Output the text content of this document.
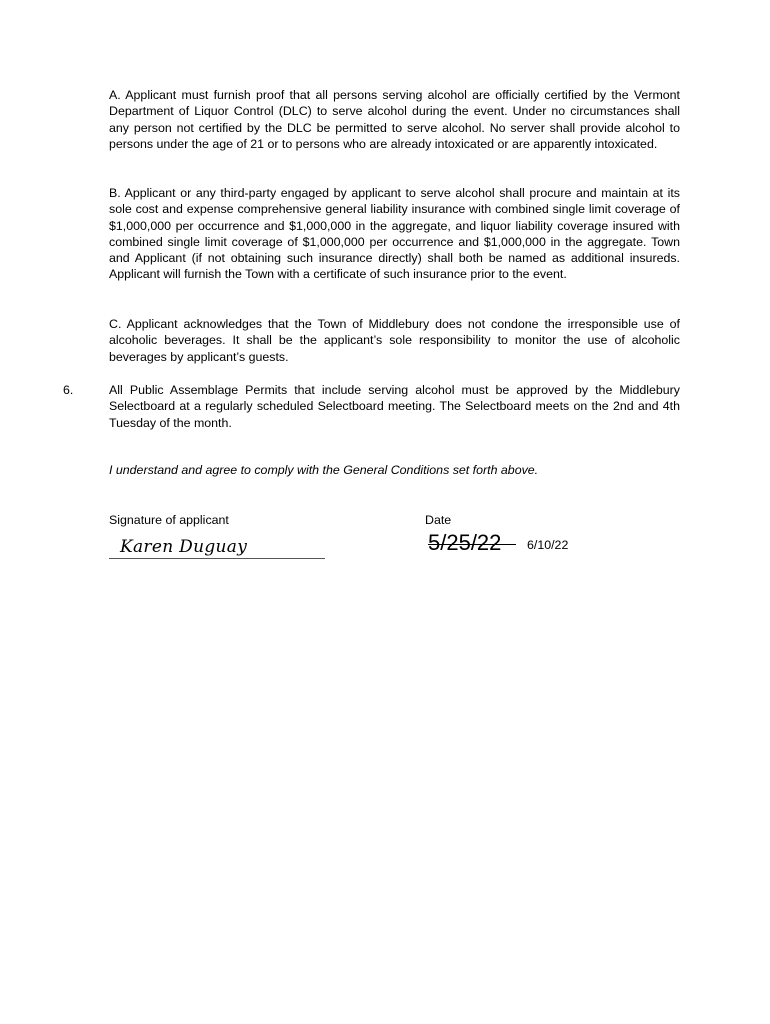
A. Applicant must furnish proof that all persons serving alcohol are officially certified by the Vermont Department of Liquor Control (DLC) to serve alcohol during the event. Under no circumstances shall any person not certified by the DLC be permitted to serve alcohol. No server shall provide alcohol to persons under the age of 21 or to persons who are already intoxicated or are apparently intoxicated.

B. Applicant or any third-party engaged by applicant to serve alcohol shall procure and maintain at its sole cost and expense comprehensive general liability insurance with combined single limit coverage of $1,000,000 per occurrence and $1,000,000 in the aggregate, and liquor liability coverage insured with combined single limit coverage of $1,000,000 per occurrence and $1,000,000 in the aggregate. Town and Applicant (if not obtaining such insurance directly) shall both be named as additional insureds. Applicant will furnish the Town with a certificate of such insurance prior to the event.

C. Applicant acknowledges that the Town of Middlebury does not condone the irresponsible use of alcoholic beverages. It shall be the applicant’s sole responsibility to monitor the use of alcoholic beverages by applicant’s guests.

6.	All Public Assemblage Permits that include serving alcohol must be approved by the Middlebury Selectboard at a regularly scheduled Selectboard meeting. The Selectboard meets on the 2nd and 4th Tuesday of the month.

I understand and agree to comply with the General Conditions set forth above.
Signature of applicant	Date
Karen Duguay	5/25/22 6/10/22
